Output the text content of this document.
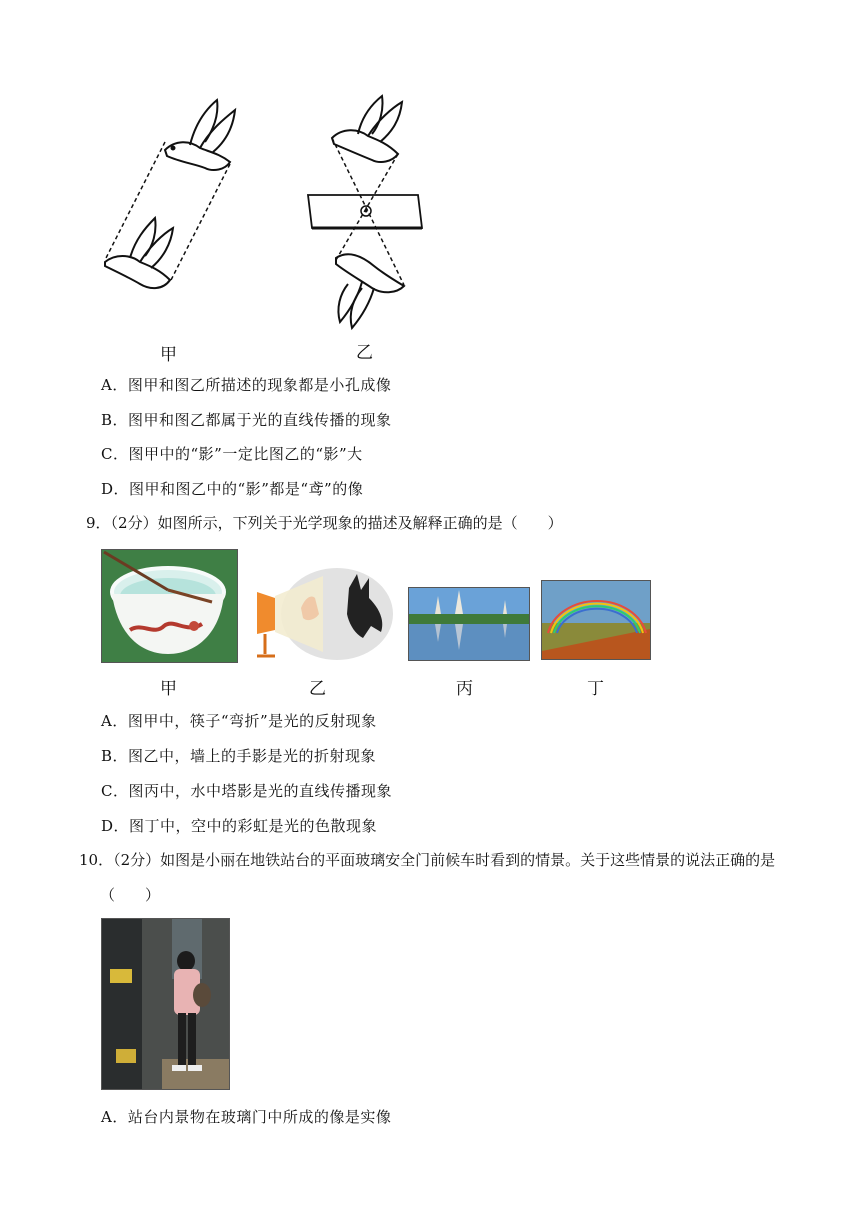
甲	乙
A．图甲和图乙所描述的现象都是小孔成像
B．图甲和图乙都属于光的直线传播的现象
C．图甲中的“影”一定比图乙的“影”大
D．图甲和图乙中的“影”都是“鸢”的像
9．（2分）如图所示，下列关于光学现象的描述及解释正确的是（　　）
甲	乙	丙	丁
A．图甲中，筷子“弯折”是光的反射现象
B．图乙中，墙上的手影是光的折射现象
C．图丙中，水中塔影是光的直线传播现象
D．图丁中，空中的彩虹是光的色散现象
10．（2分）如图是小丽在地铁站台的平面玻璃安全门前候车时看到的情景。关于这些情景的说法正确的是
（　　）
A．站台内景物在玻璃门中所成的像是实像
